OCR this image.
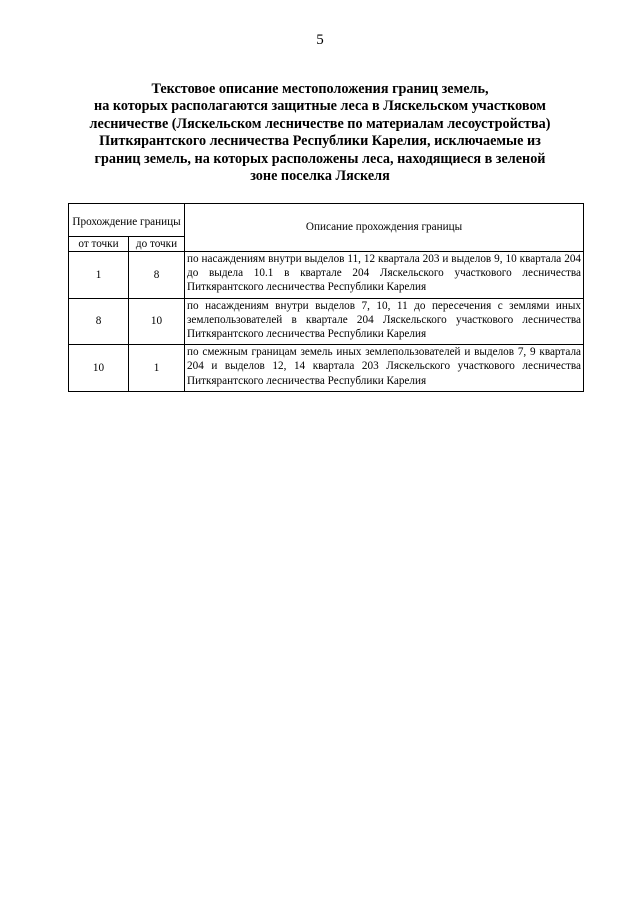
5
Текстовое описание местоположения границ земель,
на которых располагаются защитные леса в Ляскельском участковом
лесничестве (Ляскельском лесничестве по материалам лесоустройства)
Питкярантского лесничества Республики Карелия, исключаемые из
границ земель, на которых расположены леса, находящиеся в зеленой
зоне поселка Ляскеля
Прохождение границы		Описание прохождения границы
от точки	до точки	
1	8	по насаждениям внутри выделов 11, 12 квартала 203 и выделов 9, 10 квартала 204 до выдела 10.1 в квартале 204 Ляскельского участкового лесничества Питкярантского лесничества Республики Карелия
8	10	по насаждениям внутри выделов 7, 10, 11 до пересечения с землями иных землепользователей в квартале 204 Ляскельского участкового лесничества Питкярантского лесничества Республики Карелия
10	1	по смежным границам земель иных землепользователей и выделов 7, 9 квартала 204 и выделов 12, 14 квартала 203 Ляскельского участкового лесничества Питкярантского лесничества Республики Карелия
